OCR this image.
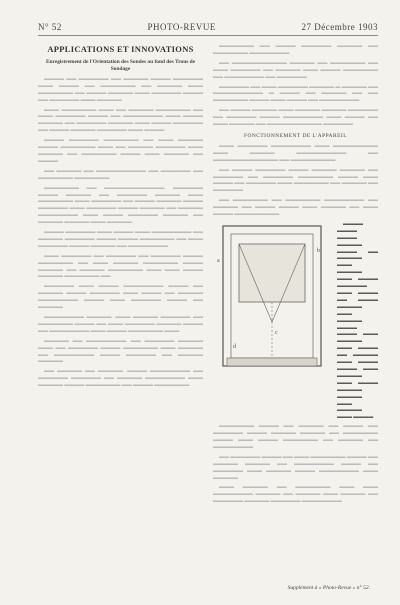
N° 52	PHOTO-REVUE	27 Décembre 1903
APPLICATIONS ET INNOVATIONS
Enregistrement de l'Orientation des Sondes au fond des Trous de Sondage

▬▬▬▬ ▬▬ ▬▬▬▬▬▬ ▬▬ ▬▬▬▬▬ ▬▬▬▬ ▬▬▬▬▬▬ ▬▬▬ ▬▬▬▬ ▬▬ ▬▬▬▬▬▬▬ ▬▬ ▬▬▬▬▬ ▬▬▬ ▬▬▬▬▬▬▬ ▬▬ ▬▬▬▬ ▬▬▬▬▬ ▬▬▬ ▬▬▬▬▬▬ ▬▬▬▬ ▬▬ ▬▬▬▬▬▬ ▬▬▬ ▬▬▬▬▬

▬▬▬ ▬▬▬▬▬▬▬ ▬▬▬ ▬▬ ▬▬▬▬▬ ▬▬▬▬▬▬▬ ▬▬ ▬▬▬ ▬▬▬▬▬▬ ▬▬▬▬ ▬▬ ▬▬▬▬▬▬▬▬ ▬▬▬ ▬▬▬▬ ▬▬▬▬▬ ▬▬ ▬▬▬▬▬▬ ▬▬▬▬▬ ▬▬▬ ▬▬▬▬ ▬▬▬▬▬▬ ▬▬ ▬▬▬▬ ▬▬▬▬▬ ▬▬▬▬▬▬ ▬▬▬ ▬▬▬▬

▬▬▬▬ ▬▬▬▬▬▬ ▬▬▬▬▬▬▬ ▬▬ ▬▬▬ ▬▬▬▬▬ ▬▬▬▬ ▬▬▬▬▬▬▬ ▬▬▬ ▬▬ ▬▬▬▬▬ ▬▬▬▬▬▬ ▬▬▬ ▬▬▬▬▬ ▬▬ ▬▬▬▬▬▬▬ ▬▬▬▬ ▬▬▬ ▬▬▬▬▬ ▬▬ ▬▬▬▬

▬▬ ▬▬▬▬▬ ▬▬ ▬▬▬▬▬▬▬▬▬▬ ▬▬ ▬▬▬▬▬▬ ▬▬ ▬▬▬▬▬▬▬ ▬▬▬▬▬▬▬

▬▬▬▬▬▬▬ ▬▬ ▬▬▬▬▬▬▬▬▬▬▬▬. ▬▬▬▬▬▬ ▬▬▬▬ ▬▬▬▬▬ ▬▬ ▬▬▬▬▬▬ ▬▬▬▬▬ ▬▬▬ ▬▬▬▬▬▬▬ ▬▬▬ ▬▬▬▬▬▬ ▬▬ ▬▬▬▬ ▬▬▬▬▬ ▬▬▬▬ ▬▬▬▬▬▬ ▬▬▬ ▬▬▬▬▬▬ ▬▬▬▬ ▬▬▬▬▬ ▬▬ ▬▬▬▬▬ ▬▬▬▬▬▬▬▬ ▬▬▬ ▬▬▬▬ ▬▬▬▬▬▬ ▬▬▬▬▬ ▬▬ ▬▬▬▬▬ ▬▬▬▬▬ ▬▬▬ ▬▬▬▬▬

▬▬▬▬ ▬▬▬▬▬▬ ▬▬▬ ▬▬▬▬ ▬▬▬ ▬▬▬▬▬▬▬▬ ▬▬ ▬▬▬▬▬ ▬▬▬▬▬▬ ▬▬▬▬ ▬▬▬▬ ▬▬▬▬▬▬▬ ▬▬ ▬▬▬ ▬▬▬▬▬▬ ▬▬▬▬ ▬▬▬▬▬ ▬▬ ▬▬▬▬▬▬▬▬

▬▬▬ ▬▬▬▬▬▬ ▬▬ ▬▬▬▬▬▬ ▬▬ ▬▬▬▬▬▬ ▬▬▬▬ ▬▬▬▬▬▬▬ ▬▬ ▬▬▬ ▬▬▬▬▬ ▬▬▬▬▬▬▬ ▬▬▬▬ ▬▬▬▬▬ ▬▬ ▬▬▬▬▬ ▬▬▬▬▬▬▬ ▬▬▬ ▬▬▬ ▬▬▬▬ ▬▬▬▬▬ ▬▬▬▬▬▬▬ ▬▬

▬▬▬▬▬▬ ▬▬▬ ▬▬▬▬ ▬▬▬▬▬▬▬▬ ▬▬▬▬ ▬▬ ▬▬▬▬▬ ▬▬▬▬ ▬▬▬▬▬▬ ▬▬▬ ▬▬▬▬ ▬▬ ▬▬▬▬▬ ▬▬▬▬▬▬▬▬ ▬▬▬▬ ▬▬▬ ▬▬▬▬▬▬ ▬▬▬▬ ▬▬ ▬▬▬▬▬

▬▬▬▬▬▬▬▬ ▬▬▬▬▬. ▬▬▬ ▬▬▬▬▬ ▬▬▬▬▬▬ ▬▬ ▬▬▬▬▬▬▬ ▬▬▬▬ ▬▬ ▬▬▬ ▬▬▬▬▬▬ ▬▬▬▬▬ ▬▬▬▬ ▬▬ ▬▬▬▬▬▬▬▬ ▬▬▬ ▬▬▬▬ ▬▬▬▬▬▬▬ ▬▬▬

▬▬▬▬▬ ▬▬ ▬▬▬▬▬▬▬▬. ▬▬ ▬▬▬▬▬▬ ▬▬▬▬▬ ▬▬▬ ▬▬ ▬▬▬▬▬▬ ▬▬▬▬ ▬▬▬▬▬▬▬ ▬▬▬ ▬▬▬▬▬ ▬▬ ▬▬▬▬▬▬▬▬ ▬▬▬▬ ▬▬▬▬▬▬ ▬▬ ▬▬▬▬▬ ▬▬▬▬▬

▬▬ ▬▬▬▬▬ ▬▬ ▬▬▬▬▬. ▬▬▬▬ ▬▬▬▬▬▬▬▬ ▬▬ ▬▬▬▬▬▬ ▬▬▬▬▬▬ ▬▬ ▬▬▬▬▬ ▬▬▬▬▬▬▬▬ ▬▬▬ ▬▬▬▬▬ ▬▬▬▬ ▬▬▬▬▬▬▬ ▬▬ ▬▬▬▬ ▬▬▬▬▬▬▬

▬▬▬▬▬▬▬ ▬▬ ▬▬▬▬ ▬▬▬▬▬▬ ▬▬▬▬▬ ▬▬ ▬▬▬▬▬▬▬ ▬▬▬▬▬▬▬▬

▬▬ ▬▬▬▬▬▬▬▬▬▬▬ ▬▬▬▬▬ ▬▬ ▬▬▬▬▬▬▬ ▬▬ ▬▬▬ ▬▬▬▬▬▬ ▬▬ ▬▬▬▬▬ ▬▬▬ ▬▬▬▬ ▬▬▬▬▬▬▬ ▬▬ ▬▬▬▬▬▬▬▬ ▬▬ ▬▬▬▬▬▬

▬▬▬▬▬▬ ▬▬ ▬▬▬ ▬▬▬▬▬▬ ▬▬▬▬▬ ▬ ▬▬▬▬▬ ▬▬ ▬▬▬▬▬▬▬▬▬▬ ▬ ▬▬▬▬ ▬▬ ▬▬▬▬▬ ▬▬ ▬▬ ▬▬▬▬▬▬▬ ▬▬▬▬ ▬▬▬ ▬▬▬▬ ▬▬ ▬▬▬▬▬▬▬▬

▬▬ ▬▬▬▬ ▬▬▬▬▬ ▬▬▬ ▬▬▬▬▬ ▬▬▬▬▬ ▬▬▬▬▬▬ ▬▬ ▬▬▬▬▬▬ ▬▬▬▬ ▬▬▬▬▬▬▬▬ ▬▬▬ ▬▬▬▬ ▬▬ ▬▬▬ ▬▬▬▬▬ ▬▬ ▬▬▬▬▬▬▬▬▬▬▬ ▬▬▬▬▬▬

FONCTIONNEMENT DE L'APPAREIL

▬▬▬ ▬▬▬▬▬▬ ▬▬▬▬▬▬▬▬ ▬▬▬ ▬▬▬▬▬▬▬▬▬ ▬▬▬ ▬▬▬▬▬ ▬▬▬▬▬▬▬▬▬▬ ▬▬ ▬▬▬▬▬▬▬▬▬▬▬▬▬ ▬▬ ▬▬▬▬▬▬▬▬▬

▬▬ ▬▬▬▬ ▬▬▬▬▬▬ ▬▬▬▬ ▬▬▬▬▬ ▬▬▬▬▬ ▬▬ ▬▬▬▬▬▬ ▬▬ ▬▬▬▬▬▬ ▬▬▬▬▬▬▬ ▬▬▬▬ ▬▬▬ ▬▬▬▬ ▬▬ ▬▬▬▬▬▬ ▬▬▬ ▬▬▬▬▬▬▬ ▬▬ ▬▬▬▬▬ ▬▬ ▬▬▬▬▬▬

▬▬ ▬▬▬▬▬▬▬ ▬▬ ▬▬▬▬▬▬▬ ▬▬▬▬▬▬▬▬ ▬▬ ▬▬▬▬▬ ▬▬ ▬▬▬▬ ▬▬▬▬ ▬▬▬ ▬▬▬▬▬ ▬▬ ▬▬▬ ▬▬▬▬ ▬▬▬▬▬▬▬▬▬

a
b
c
d

▬▬▬▬ ▬▬▬▬ ▬▬▬▬ ▬▬▬▬▬ ▬▬▬▬ ▬▬ ▬▬▬▬▬ ▬▬▬ ▬▬▬▬▬ ▬▬▬ ▬▬▬▬ ▬▬▬▬▬▬ ▬▬▬ ▬▬▬▬ ▬▬ ▬▬▬▬ ▬▬▬▬▬ ▬▬▬ ▬▬▬▬▬ ▬▬▬▬ ▬▬▬▬ ▬▬▬ ▬▬▬▬▬ ▬▬▬ ▬▬▬▬ ▬▬ ▬▬▬▬▬ ▬▬▬ ▬▬▬▬ ▬▬▬▬ ▬▬▬ ▬▬▬▬▬ ▬▬▬ ▬▬▬▬ ▬▬▬▬▬ ▬▬▬▬▬ ▬▬▬ ▬▬▬▬▬ ▬▬▬ ▬▬▬▬

▬▬▬▬▬▬▬ ▬▬▬▬ ▬▬ ▬▬▬▬▬ ▬▬ ▬▬▬▬ ▬▬ ▬▬▬▬▬▬ ▬▬▬▬ ▬▬▬▬▬ ▬▬▬▬▬ ▬▬ ▬▬▬▬▬▬▬ ▬▬▬▬ ▬▬▬ ▬▬▬▬ ▬▬▬▬▬▬▬ ▬▬ ▬▬▬▬▬ ▬▬ ▬▬▬▬▬▬▬▬

▬▬ ▬▬▬▬▬▬ ▬▬▬▬ ▬▬ ▬▬▬ ▬▬▬▬▬▬▬ ▬▬▬▬ ▬▬ ▬▬▬▬▬ ▬▬▬▬▬ ▬▬ ▬▬▬▬▬▬▬▬ ▬▬▬▬ ▬▬ ▬▬▬▬▬▬ ▬▬▬ ▬▬▬▬▬ ▬▬▬▬ ▬▬▬▬▬▬▬▬ ▬▬▬ ▬▬▬▬▬

▬▬▬ ▬▬▬▬▬ ▬▬ ▬▬▬▬▬▬▬ ▬▬▬ ▬▬▬ ▬▬▬▬▬▬▬▬ ▬▬▬▬▬ ▬▬ ▬▬▬▬▬ ▬▬▬ ▬▬▬▬▬ ▬▬ ▬▬▬▬▬▬ ▬▬▬▬▬ ▬▬▬▬▬▬ ▬▬▬▬▬▬▬▬

Supplément à « Photo-Revue » n° 52.
